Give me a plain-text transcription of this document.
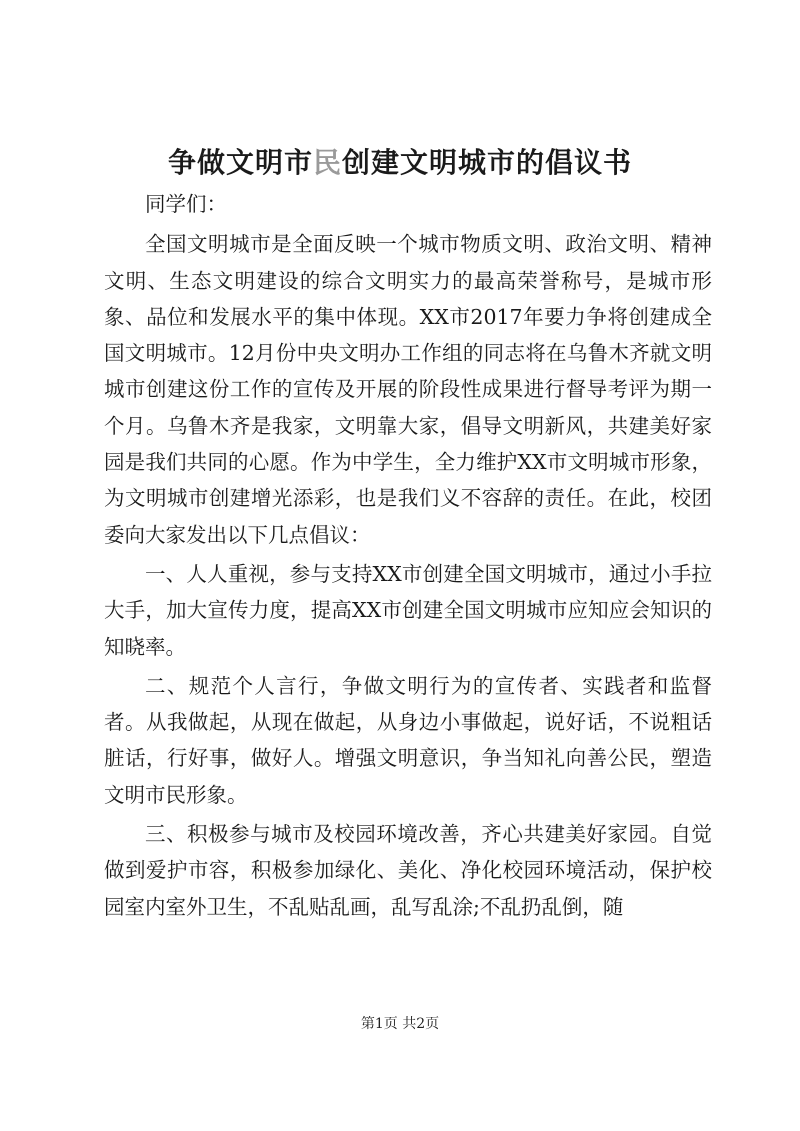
争做文明市民创建文明城市的倡议书

同学们：

全国文明城市是全面反映一个城市物质文明、政治文明、精神文明、生态文明建设的综合文明实力的最高荣誉称号，是城市形象、品位和发展水平的集中体现。XX市2017年要力争将创建成全国文明城市。12月份中央文明办工作组的同志将在乌鲁木齐就文明城市创建这份工作的宣传及开展的阶段性成果进行督导考评为期一个月。乌鲁木齐是我家，文明靠大家，倡导文明新风，共建美好家园是我们共同的心愿。作为中学生，全力维护XX市文明城市形象，为文明城市创建增光添彩，也是我们义不容辞的责任。在此，校团委向大家发出以下几点倡议：

一、人人重视，参与支持XX市创建全国文明城市，通过小手拉大手，加大宣传力度，提高XX市创建全国文明城市应知应会知识的知晓率。

二、规范个人言行，争做文明行为的宣传者、实践者和监督者。从我做起，从现在做起，从身边小事做起，说好话，不说粗话脏话，行好事，做好人。增强文明意识，争当知礼向善公民，塑造文明市民形象。

三、积极参与城市及校园环境改善，齐心共建美好家园。自觉做到爱护市容，积极参加绿化、美化、净化校园环境活动，保护校园室内室外卫生，不乱贴乱画，乱写乱涂;不乱扔乱倒，随

第1页 共2页
